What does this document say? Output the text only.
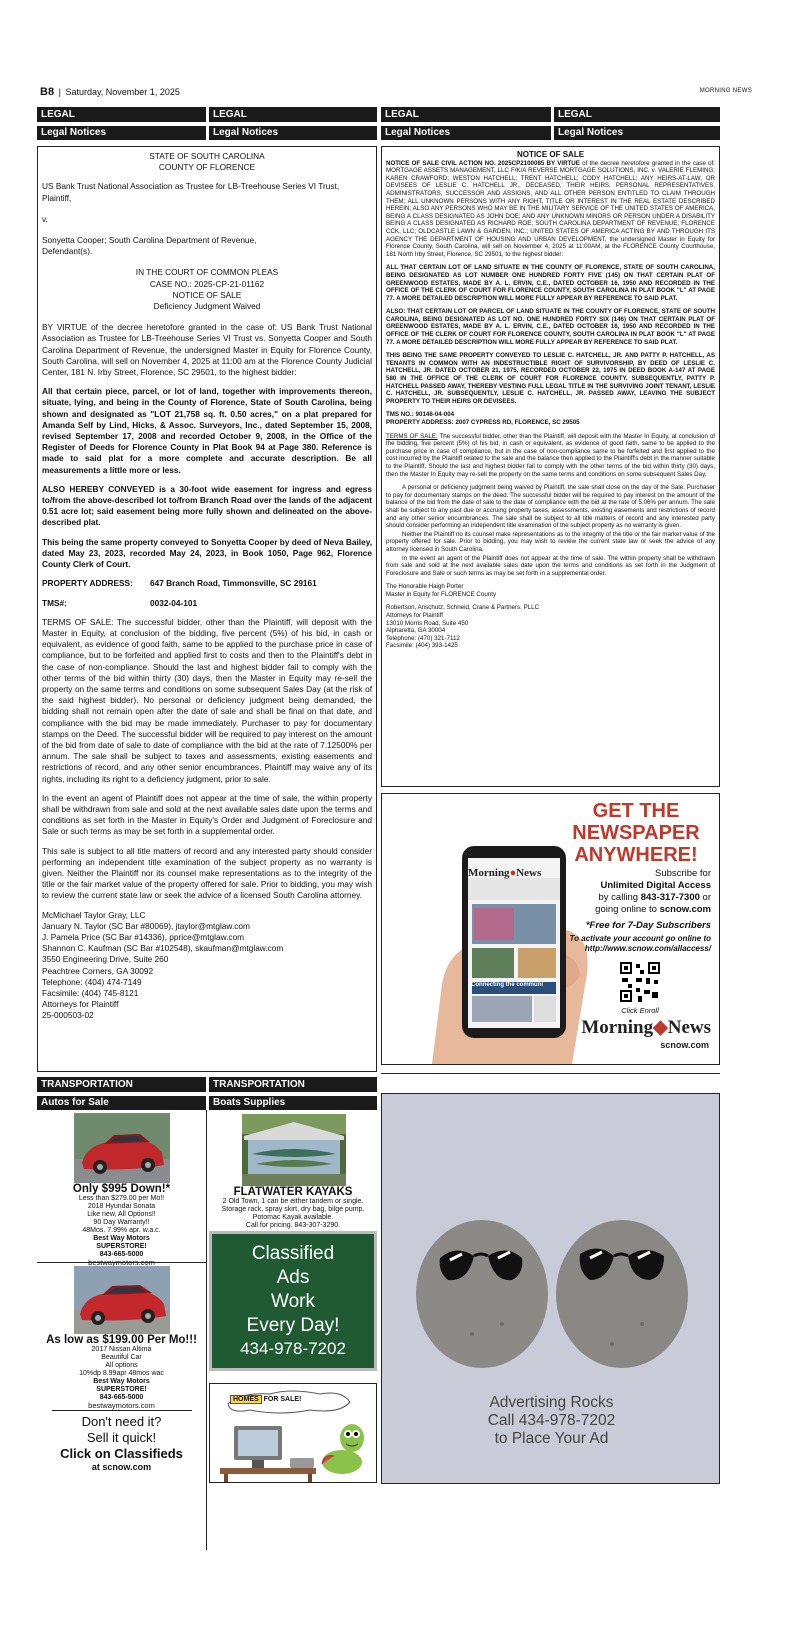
B8 | Saturday, November 1, 2025	MORNING NEWS
LEGAL	LEGAL	LEGAL	LEGAL
Legal Notices	Legal Notices	Legal Notices	Legal Notices
STATE OF SOUTH CAROLINA
COUNTY OF FLORENCE
US Bank Trust National Association as Trustee for LB-Treehouse Series VI Trust,
Plaintiff,
v.
Sonyetta Cooper; South Carolina Department of Revenue,
Defendant(s).
IN THE COURT OF COMMON PLEAS
CASE NO.: 2025-CP-21-01162
NOTICE OF SALE
Deficiency Judgment Waived

BY VIRTUE of the decree heretofore granted in the case of: US Bank Trust National Association as Trustee for LB-Treehouse Series VI Trust vs. Sonyetta Cooper and South Carolina Department of Revenue, the undersigned Master in Equity for Florence County, South Carolina, will sell on November 4, 2025 at 11:00 am at the Florence County Judicial Center, 181 N. Irby Street, Florence, SC 29501, to the highest bidder:

All that certain piece, parcel, or lot of land, together with improvements thereon, situate, lying, and being in the County of Florence, State of South Carolina, being shown and designated as "LOT 21,758 sq. ft. 0.50 acres," on a plat prepared for Amanda Self by Lind, Hicks, & Assoc. Surveyors, Inc., dated September 15, 2008, revised September 17, 2008 and recorded October 9, 2008, in the Office of the Register of Deeds for Florence County in Plat Book 94 at Page 380. Reference is made to said plat for a more complete and accurate description. Be all measurements a little more or less.

ALSO HEREBY CONVEYED is a 30-foot wide easement for ingress and egress to/from the above-described lot to/from Branch Road over the lands of the adjacent 0.51 acre lot; said easement being more fully shown and delineated on the above-described plat.

This being the same property conveyed to Sonyetta Cooper by deed of Neva Bailey, dated May 23, 2023, recorded May 24, 2023, in Book 1050, Page 962, Florence County Clerk of Court.

PROPERTY ADDRESS:	647 Branch Road, Timmonsville, SC 29161
TMS#:	0032-04-101

TERMS OF SALE: The successful bidder, other than the Plaintiff, will deposit with the Master in Equity, at conclusion of the bidding, five percent (5%) of his bid, in cash or equivalent, as evidence of good faith, same to be applied to the purchase price in case of compliance, but to be forfeited and applied first to costs and then to the Plaintiff's debt in the case of non-compliance. Should the last and highest bidder fail to comply with the other terms of the bid within thirty (30) days, then the Master in Equity may re-sell the property on the same terms and conditions on some subsequent Sales Day (at the risk of the said highest bidder). No personal or deficiency judgment being demanded, the bidding shall not remain open after the date of sale and shall be final on that date, and compliance with the bid may be made immediately. Purchaser to pay for documentary stamps on the Deed. The successful bidder will be required to pay interest on the amount of the bid from date of sale to date of compliance with the bid at the rate of 7.12500% per annum. The sale shall be subject to taxes and assessments, existing easements and restrictions of record, and any other senior encumbrances. Plaintiff may waive any of its rights, including its right to a deficiency judgment, prior to sale.

In the event an agent of Plaintiff does not appear at the time of sale, the within property shall be withdrawn from sale and sold at the next available sales date upon the terms and conditions as set forth in the Master in Equity's Order and Judgment of Foreclosure and Sale or such terms as may be set forth in a supplemental order.

This sale is subject to all title matters of record and any interested party should consider performing an independent title examination of the subject property as no warranty is given. Neither the Plaintiff nor its counsel make representations as to the integrity of the title or the fair market value of the property offered for sale. Prior to bidding, you may wish to review the current state law or seek the advice of a licensed South Carolina attorney.

McMichael Taylor Gray, LLC
January N. Taylor (SC Bar #80069), jtaylor@mtglaw.com
J. Pamela Price (SC Bar #14336), pprice@mtglaw.com
Shannon C. Kaufman (SC Bar #102548), skaufman@mtglaw.com
3550 Engineering Drive, Suite 260
Peachtree Corners, GA 30092
Telephone: (404) 474-7149
Facsimile: (404) 745-8121
Attorneys for Plaintiff
25-000503-02
NOTICE OF SALE

NOTICE OF SALE CIVIL ACTION NO. 2025CP2100085 BY VIRTUE of the decree heretofore granted in the case of: MORTGAGE ASSETS MANAGEMENT, LLC F/K/A REVERSE MORTGAGE SOLUTIONS, INC. v. VALERIE FLEMING; KAREN CRAWFORD; WESTON HATCHELL; TRENT HATCHELL; CODY HATCHELL; ANY HEIRS-AT-LAW, OR DEVISEES OF LESLIE C. HATCHELL JR., DECEASED, THEIR HEIRS, PERSONAL REPRESENTATIVES, ADMINISTRATORS, SUCCESSOR AND ASSIGNS, AND ALL OTHER PERSON ENTITLED TO CLAIM THROUGH THEM; ALL UNKNOWN PERSONS WITH ANY RIGHT, TITLE OR INTEREST IN THE REAL ESTATE DESCRIBED HEREIN; ALSO ANY PERSONS WHO MAY BE IN THE MILITARY SERVICE OF THE UNITED STATES OF AMERICA, BEING A CLASS DESIGNATED AS JOHN DOE; AND ANY UNKNOWN MINORS OR PERSON UNDER A DISABILITY BEING A CLASS DESIGNATED AS RICHARD ROE; SOUTH CAROLINA DEPARTMENT OF REVENUE; FLORENCE CCK, LLC; OLDCASTLE LAWN & GARDEN, INC.; UNITED STATES OF AMERICA ACTING BY AND THROUGH ITS AGENCY THE DEPARTMENT OF HOUSING AND URBAN DEVELOPMENT, the undersigned Master in Equity for Florence County, South Carolina, will sell on November 4, 2025 at 11:00AM, at the FLORENCE County Courthouse, 181 North Irby Street, Florence, SC 29501, to the highest bidder:

ALL THAT CERTAIN LOT OF LAND SITUATE IN THE COUNTY OF FLORENCE, STATE OF SOUTH CAROLINA, BEING DESIGNATED AS LOT NUMBER ONE HUNDRED FORTY FIVE (145) ON THAT CERTAIN PLAT OF GREENWOOD ESTATES, MADE BY A. L. ERVIN, C.E., DATED OCTOBER 16, 1950 AND RECORDED IN THE OFFICE OF THE CLERK OF COURT FOR FLORENCE COUNTY, SOUTH CAROLINA IN PLAT BOOK "L" AT PAGE 77. A MORE DETAILED DESCRIPTION WILL MORE FULLY APPEAR BY REFERENCE TO SAID PLAT.

ALSO: THAT CERTAIN LOT OR PARCEL OF LAND SITUATE IN THE COUNTY OF FLORENCE, STATE OF SOUTH CAROLINA, BEING DESIGNATED AS LOT NO. ONE HUNDRED FORTY SIX (146) ON THAT CERTAIN PLAT OF GREENWOOD ESTATES, MADE BY A. L. ERVIN, C.E., DATED OCTOBER 16, 1950 AND RECORDED IN THE OFFICE OF THE CLERK OF COURT FOR FLORENCE COUNTY, SOUTH CAROLINA IN PLAT BOOK "L" AT PAGE 77. A MORE DETAILED DESCRIPTION WILL MORE FULLY APPEAR BY REFERENCE TO SAID PLAT.

THIS BEING THE SAME PROPERTY CONVEYED TO LESLIE C. HATCHELL, JR. AND PATTY P. HATCHELL, AS TENANTS IN COMMON WITH AN INDESTRUCTIBLE RIGHT OF SURVIVORSHIP, BY DEED OF LESLIE C. HATCHELL, JR. DATED OCTOBER 21, 1975, RECORDED OCTOBER 22, 1975 IN DEED BOOK A-147 AT PAGE 580 IN THE OFFICE OF THE CLERK OF COURT FOR FLORENCE COUNTY. SUBSEQUENTLY, PATTY P. HATCHELL PASSED AWAY, THEREBY VESTING FULL LEGAL TITLE IN THE SURVIVING JOINT TENANT, LESLIE C. HATCHELL, JR. SUBSEQUENTLY, LESLIE C. HATCHELL, JR. PASSED AWAY, LEAVING THE SUBJECT PROPERTY TO THEIR HEIRS OR DEVISEES.

TMS NO.: 90146-04-004
PROPERTY ADDRESS: 2007 CYPRESS RD, FLORENCE, SC 29505

TERMS OF SALE: The successful bidder, other than the Plaintiff, will deposit with the Master In Equity, at conclusion of the bidding, five percent (5%) of his bid, in cash or equivalent, as evidence of good faith, same to be applied to the purchase price in case of compliance, but in the case of non-compliance same to be forfeited and first applied to the cost incurred by the Plaintiff related to the sale and the balance then applied to the Plaintiff's debt in the manner suitable to the Plaintiff. Should the last and highest bidder fail to comply with the other terms of the bid within thirty (30) days, then the Master In Equity may re-sell the property on the same terms and conditions on some subsequent Sales Day.

A personal or deficiency judgment being waived by Plaintiff, the sale shall close on the day of the Sale. Purchaser to pay for documentary stamps on the deed. The successful bidder will be required to pay interest on the amount of the balance of the bid from the date of sale to the date of compliance with the bid at the rate of 5.06% per annum. The sale shall be subject to any past due or accruing property taxes, assessments, existing easements and restrictions of record and any other senior encumbrances. The sale shall be subject to all title matters of record and any interested party should consider performing an independent title examination of the subject property as no warranty is given.

Neither the Plaintiff no its counsel make representations as to the integrity of the title or the fair market value of the property offered for sale. Prior to bidding, you may wish to review the current state law or seek the advice of any attorney licensed in South Carolina.

In the event an agent of the Plaintiff does not appear at the time of sale. The within property shall be withdrawn from sale and sold at the next available sales date upon the terms and conditions as set forth in the Judgment of Foreclosure and Sale or such terms as may be set forth in a supplemental order.

The Honorable Haigh Porter
Master in Equity for FLORENCE County
Robertson, Anschutz, Schneid, Crane & Partners, PLLC
Attorneys for Plaintiff
13010 Morris Road, Suite 450
Alpharetta, GA 30004
Telephone: (470) 321-7112
Facsimile: (404) 393-1425
Morning●News
Connecting the communi
GET THE
NEWSPAPER
ANYWHERE!
Subscribe for
Unlimited Digital Access
by calling 843-317-7300 or
going online to scnow.com
*Free for 7-Day Subscribers
To activate your account go online to
http://www.scnow.com/allaccess/
Click Enroll
Morning◆News
scnow.com
TRANSPORTATION	TRANSPORTATION
Autos for Sale	Boats Supplies
Only $995 Down!*
Less than $279.00 per Mo!!
2018 Hyundai Sonata
Like new, All Options!!
90 Day Warranty!!
48Mos. 7.99% apr. w.a.c.
Best Way Motors
SUPERSTORE!
843-665-5000
As low as $199.00 Per Mo!!!
2017 Nissan Altima
Beautiful Car
All options
10%dp 8.99apr 48mos wac
Best Way Motors
SUPERSTORE!
843-665-5000
bestwaymotors.com
Don't need it?
Sell it quick!
Click on Classifieds
at scnow.com
FLATWATER KAYAKS
2 Old Town, 1 can be either tandem or single.
Storage rack, spray skirt, dry bag, bilge pump.
Potomac Kayak available.
Call for pricing. 843-307-3290.
Classified
Ads
Work
Every Day!
434-978-7202
HOMES FOR SALE!	Advertising Rocks
Call 434-978-7202
to Place Your Ad
